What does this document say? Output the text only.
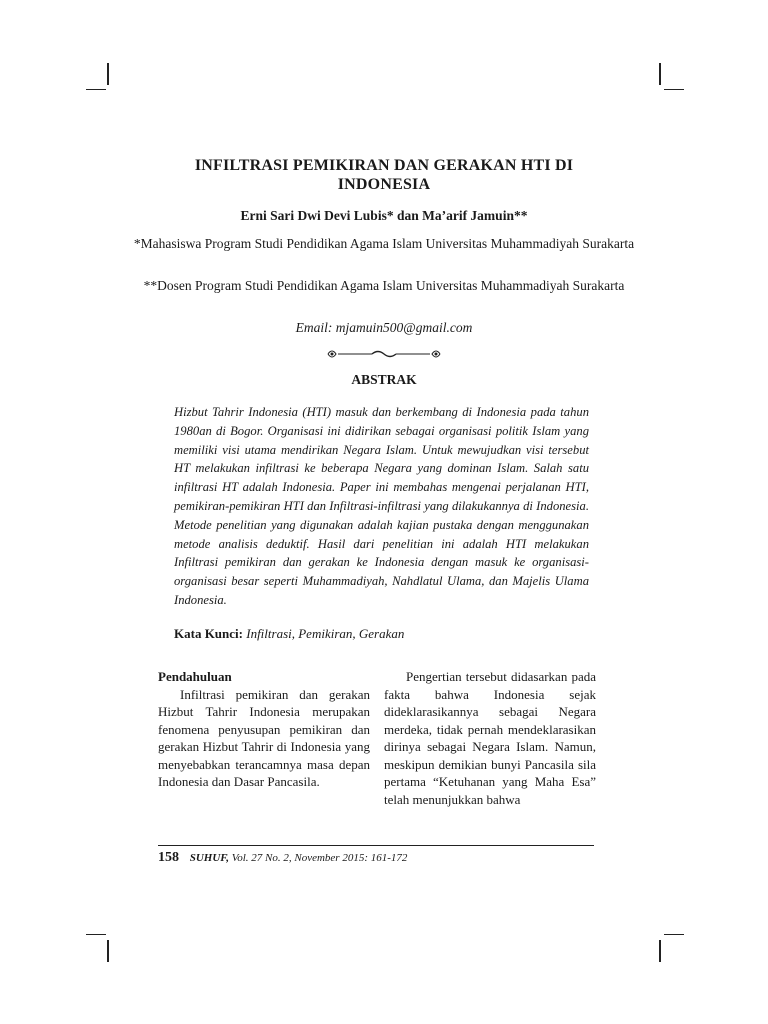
INFILTRASI PEMIKIRAN DAN GERAKAN HTI DI INDONESIA
Erni Sari Dwi Devi Lubis* dan Ma’arif Jamuin**
*Mahasiswa Program Studi Pendidikan Agama Islam Universitas Muhammadiyah Surakarta
**Dosen Program Studi Pendidikan Agama Islam Universitas Muhammadiyah Surakarta
Email: mjamuin500@gmail.com
ABSTRAK
Hizbut Tahrir Indonesia (HTI) masuk dan berkembang di Indonesia pada tahun 1980an di Bogor. Organisasi ini didirikan sebagai organisasi politik Islam yang memiliki visi utama mendirikan Negara Islam. Untuk mewujudkan visi tersebut HT melakukan infiltrasi ke beberapa Negara yang dominan Islam. Salah satu infiltrasi HT adalah Indonesia. Paper ini membahas mengenai perjalanan HTI, pemikiran-pemikiran HTI dan Infiltrasi-infiltrasi yang dilakukannya di Indonesia. Metode penelitian yang digunakan adalah kajian pustaka dengan menggunakan metode analisis deduktif. Hasil dari penelitian ini adalah HTI melakukan Infiltrasi pemikiran dan gerakan ke Indonesia dengan masuk ke organisasi-organisasi besar seperti Muhammadiyah, Nahdlatul Ulama, dan Majelis Ulama Indonesia.
Kata Kunci: Infiltrasi, Pemikiran, Gerakan
Pendahuluan

Infiltrasi pemikiran dan gerakan Hizbut Tahrir Indonesia merupakan fenomena penyusupan pemikiran dan gerakan Hizbut Tahrir di Indonesia yang menyebabkan terancamnya masa depan Indonesia dan Dasar Pancasila.

Pengertian tersebut didasarkan pada fakta bahwa Indonesia sejak dideklarasikannya sebagai Negara merdeka, tidak pernah mendeklarasikan dirinya sebagai Negara Islam. Namun, meskipun demikian bunyi Pancasila sila pertama “Ketuhanan yang Maha Esa” telah menunjukkan bahwa

158 SUHUF, Vol. 27 No. 2, November 2015: 161-172
